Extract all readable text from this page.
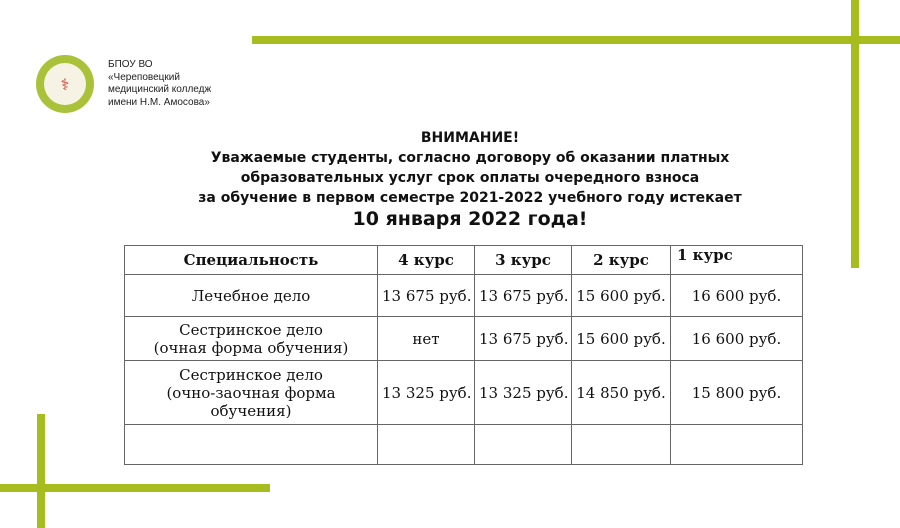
⚕
БПОУ ВО
«Череповецкий
медицинский колледж
имени Н.М. Амосова»
ВНИМАНИЕ!
Уважаемые студенты, согласно договору об оказании платных
образовательных услуг срок оплаты очередного взноса
за обучение в первом семестре 2021-2022 учебного году истекает
10 января 2022 года!
Специальность	4 курс	3 курс	2 курс	1 курс

Лечебное дело	13 675 руб.	13 675 руб.	15 600 руб.	16 600 руб.

Сестринское дело
(очная форма обучения)	нет	13 675 руб.	15 600 руб.	16 600 руб.

Сестринское дело
(очно-заочная форма
обучения)	13 325 руб.	13 325 руб.	14 850 руб.	15 800 руб.
